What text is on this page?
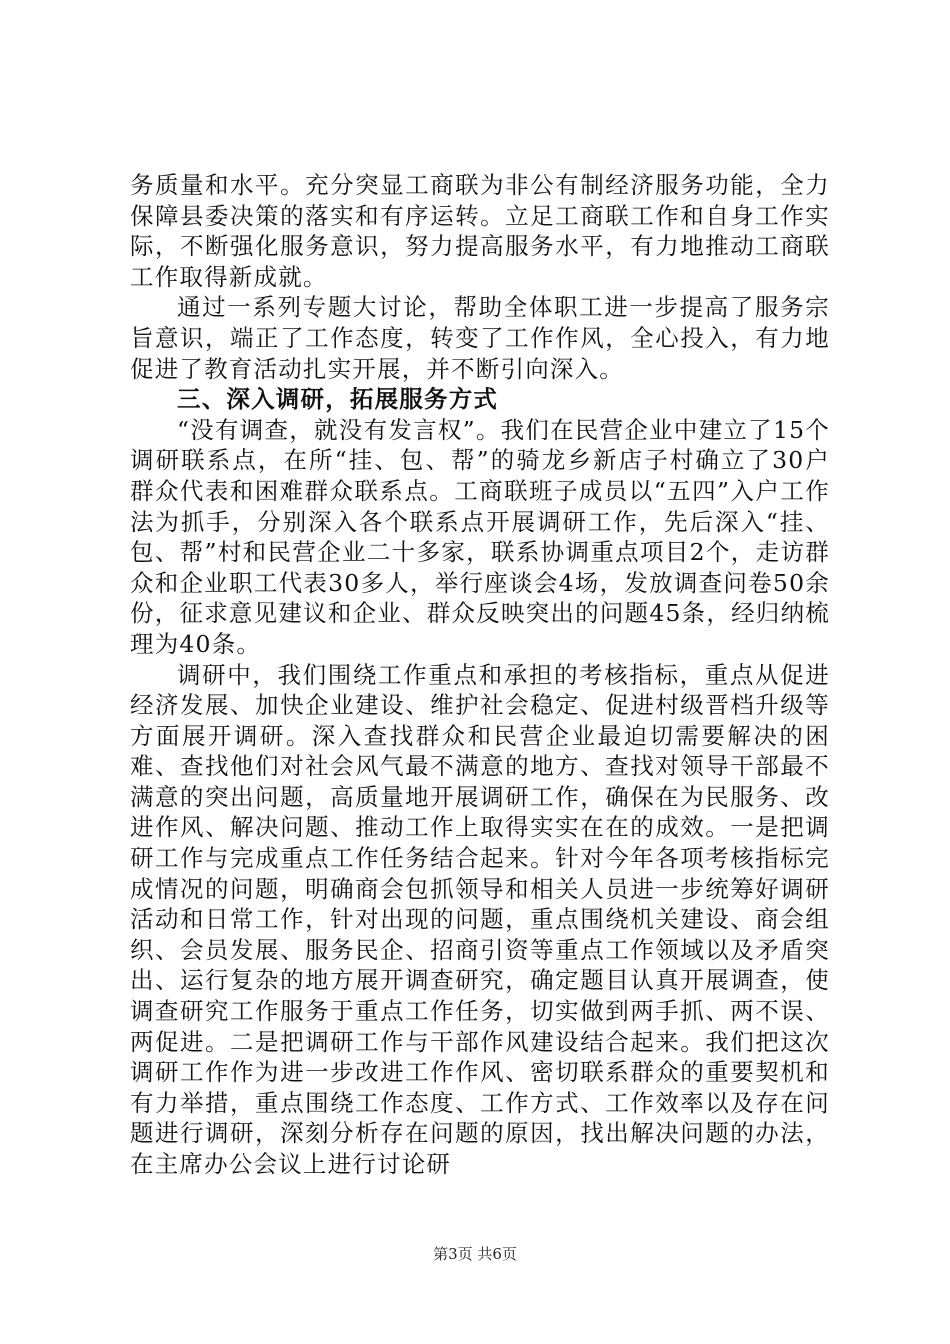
务质量和水平。充分突显工商联为非公有制经济服务功能，全力保障县委决策的落实和有序运转。立足工商联工作和自身工作实际，不断强化服务意识，努力提高服务水平，有力地推动工商联工作取得新成就。

通过一系列专题大讨论，帮助全体职工进一步提高了服务宗旨意识，端正了工作态度，转变了工作作风，全心投入，有力地促进了教育活动扎实开展，并不断引向深入。

三、深入调研，拓展服务方式

“没有调查，就没有发言权”。我们在民营企业中建立了15个调研联系点，在所“挂、包、帮”的骑龙乡新店子村确立了30户群众代表和困难群众联系点。工商联班子成员以“五四”入户工作法为抓手，分别深入各个联系点开展调研工作，先后深入“挂、包、帮”村和民营企业二十多家，联系协调重点项目2个，走访群众和企业职工代表30多人，举行座谈会4场，发放调查问卷50余份，征求意见建议和企业、群众反映突出的问题45条，经归纳梳理为40条。

调研中，我们围绕工作重点和承担的考核指标，重点从促进经济发展、加快企业建设、维护社会稳定、促进村级晋档升级等方面展开调研。深入查找群众和民营企业最迫切需要解决的困难、查找他们对社会风气最不满意的地方、查找对领导干部最不满意的突出问题，高质量地开展调研工作，确保在为民服务、改进作风、解决问题、推动工作上取得实实在在的成效。一是把调研工作与完成重点工作任务结合起来。针对今年各项考核指标完成情况的问题，明确商会包抓领导和相关人员进一步统筹好调研活动和日常工作，针对出现的问题，重点围绕机关建设、商会组织、会员发展、服务民企、招商引资等重点工作领域以及矛盾突出、运行复杂的地方展开调查研究，确定题目认真开展调查，使调查研究工作服务于重点工作任务，切实做到两手抓、两不误、两促进。二是把调研工作与干部作风建设结合起来。我们把这次调研工作作为进一步改进工作作风、密切联系群众的重要契机和有力举措，重点围绕工作态度、工作方式、工作效率以及存在问题进行调研，深刻分析存在问题的原因，找出解决问题的办法，在主席办公会议上进行讨论研

第3页 共6页
